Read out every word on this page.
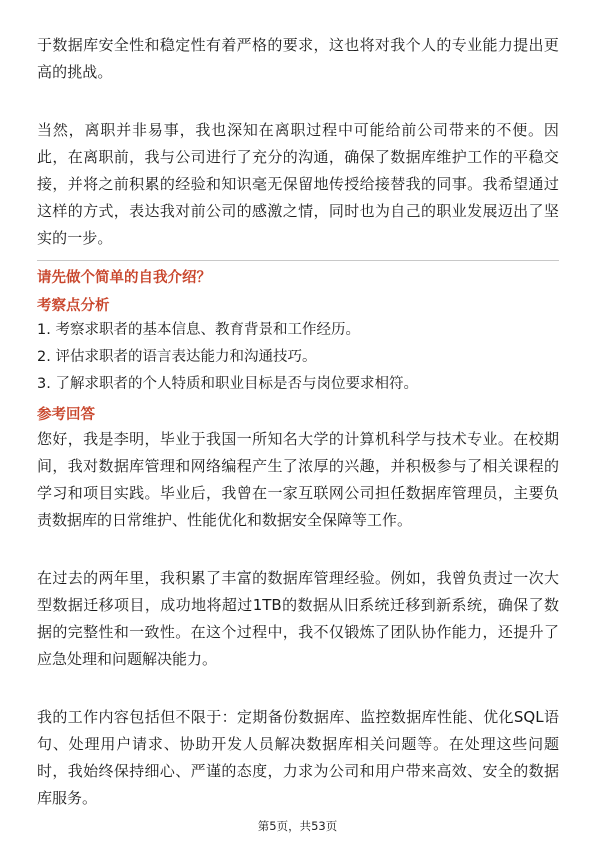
于数据库安全性和稳定性有着严格的要求，这也将对我个人的专业能力提出更高的挑战。

当然，离职并非易事，我也深知在离职过程中可能给前公司带来的不便。因此，在离职前，我与公司进行了充分的沟通，确保了数据库维护工作的平稳交接，并将之前积累的经验和知识毫无保留地传授给接替我的同事。我希望通过这样的方式，表达我对前公司的感激之情，同时也为自己的职业发展迈出了坚实的一步。

请先做个简单的自我介绍？

考察点分析

1. 考察求职者的基本信息、教育背景和工作经历。

2. 评估求职者的语言表达能力和沟通技巧。

3. 了解求职者的个人特质和职业目标是否与岗位要求相符。

参考回答

您好，我是李明，毕业于我国一所知名大学的计算机科学与技术专业。在校期间，我对数据库管理和网络编程产生了浓厚的兴趣，并积极参与了相关课程的学习和项目实践。毕业后，我曾在一家互联网公司担任数据库管理员，主要负责数据库的日常维护、性能优化和数据安全保障等工作。

在过去的两年里，我积累了丰富的数据库管理经验。例如，我曾负责过一次大型数据迁移项目，成功地将超过1TB的数据从旧系统迁移到新系统，确保了数据的完整性和一致性。在这个过程中，我不仅锻炼了团队协作能力，还提升了应急处理和问题解决能力。

我的工作内容包括但不限于：定期备份数据库、监控数据库性能、优化SQL语句、处理用户请求、协助开发人员解决数据库相关问题等。在处理这些问题时，我始终保持细心、严谨的态度，力求为公司和用户带来高效、安全的数据库服务。

第5页，共53页
